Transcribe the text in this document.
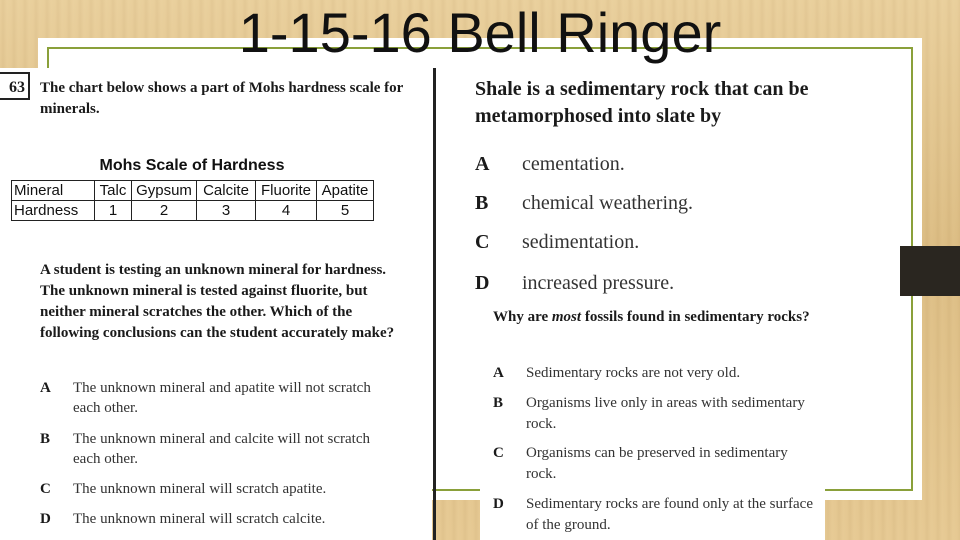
1-15-16 Bell Ringer
63	The chart below shows a part of Mohs hardness scale for minerals.
Mohs Scale of Hardness
Mineral	Talc	Gypsum	Calcite	Fluorite	Apatite
Hardness	1	2	3	4	5
A student is testing an unknown mineral for hardness. The unknown mineral is tested against fluorite, but neither mineral scratches the other. Which of the following conclusions can the student accurately make?
A The unknown mineral and apatite will not scratch each other.
B The unknown mineral and calcite will not scratch each other.
C The unknown mineral will scratch apatite.
D The unknown mineral will scratch calcite.
Shale is a sedimentary rock that can be metamorphosed into slate by
A cementation.
B chemical weathering.
C sedimentation.
D increased pressure.
Why are most fossils found in sedimentary rocks?
A Sedimentary rocks are not very old.
B Organisms live only in areas with sedimentary rock.
C Organisms can be preserved in sedimentary rock.
D Sedimentary rocks are found only at the surface of the ground.
